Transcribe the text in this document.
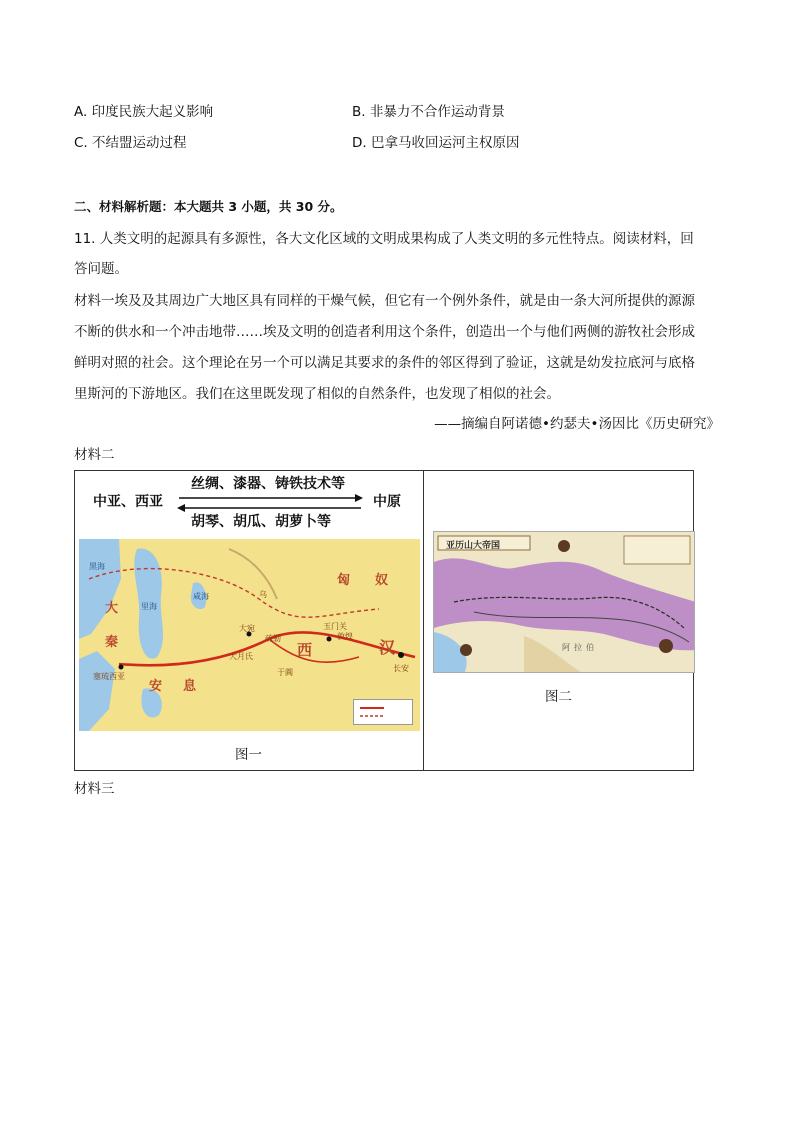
A. 印度民族大起义影响	B. 非暴力不合作运动背景
C. 不结盟运动过程	D. 巴拿马收回运河主权原因
二、材料解析题：本大题共 3 小题，共 30 分。
11. 人类文明的起源具有多源性，各大文化区域的文明成果构成了人类文明的多元性特点。阅读材料，回
答问题。
材料一埃及及其周边广大地区具有同样的干燥气候，但它有一个例外条件，就是由一条大河所提供的源源
不断的供水和一个冲击地带……埃及文明的创造者利用这个条件，创造出一个与他们两侧的游牧社会形成
鲜明对照的社会。这个理论在另一个可以满足其要求的条件的邻区得到了验证，这就是幼发拉底河与底格
里斯河的下游地区。我们在这里既发现了相似的自然条件，也发现了相似的社会。
——摘编自阿诺德•约瑟夫•汤因比《历史研究》
材料二
中亚、西亚	中原
丝绸、漆器、铸铁技术等
胡琴、胡瓜、胡萝卜等
大
秦
安 息
大月氏	汉
西
匈 奴
长安
玉门关
敦煌
黑海
里海
咸海
大宛
疏勒
于阗
塞琉西亚
乌
图一
亚历山大帝国
阿 拉 伯
图二
材料三
